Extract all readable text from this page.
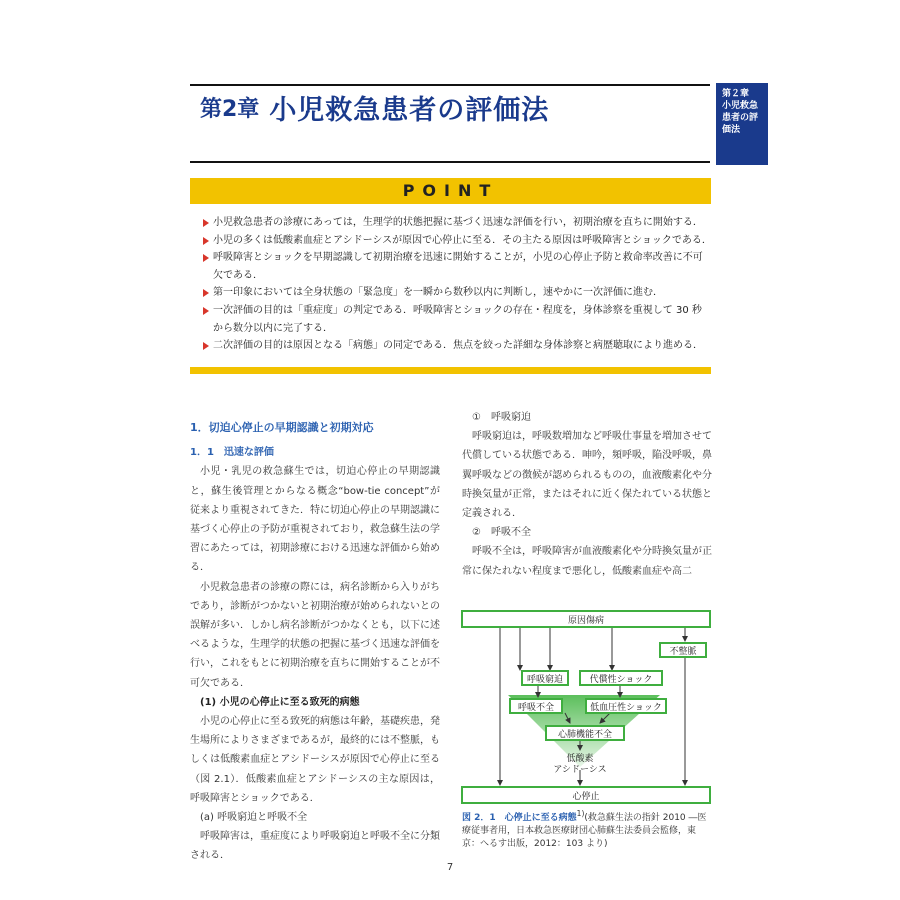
第2章 小児救急患者の評価法
第２章
小児救急
患者の評
価法
POINT
小児救急患者の診療にあっては，生理学的状態把握に基づく迅速な評価を行い，初期治療を直ちに開始する．
小児の多くは低酸素血症とアシドーシスが原因で心停止に至る．その主たる原因は呼吸障害とショックである．
呼吸障害とショックを早期認識して初期治療を迅速に開始することが，小児の心停止予防と救命率改善に不可欠である．
第一印象においては全身状態の「緊急度」を一瞬から数秒以内に判断し，速やかに一次評価に進む．
一次評価の目的は「重症度」の判定である．呼吸障害とショックの存在・程度を，身体診察を重視して 30 秒から数分以内に完了する．
二次評価の目的は原因となる「病態」の同定である．焦点を絞った詳細な身体診察と病歴聴取により進める．
1．切迫心停止の早期認識と初期対応
1．1　迅速な評価
小児・乳児の救急蘇生では，切迫心停止の早期認識と，蘇生後管理とからなる概念“bow-tie concept”が従来より重視されてきた．特に切迫心停止の早期認識に基づく心停止の予防が重視されており，救急蘇生法の学習にあたっては，初期診療における迅速な評価から始める．
小児救急患者の診療の際には，病名診断から入りがちであり，診断がつかないと初期治療が始められないとの誤解が多い．しかし病名診断がつかなくとも，以下に述べるような，生理学的状態の把握に基づく迅速な評価を行い，これをもとに初期治療を直ちに開始することが不可欠である．
(1) 小児の心停止に至る致死的病態
小児の心停止に至る致死的病態は年齢，基礎疾患，発生場所によりさまざまであるが，最終的には不整脈，もしくは低酸素血症とアシドーシスが原因で心停止に至る（図 2.1）．低酸素血症とアシドーシスの主な原因は，呼吸障害とショックである．
(a) 呼吸窮迫と呼吸不全
呼吸障害は，重症度により呼吸窮迫と呼吸不全に分類される．
①　呼吸窮迫
呼吸窮迫は，呼吸数増加など呼吸仕事量を増加させて代償している状態である．呻吟，頻呼吸，陥没呼吸，鼻翼呼吸などの徴候が認められるものの，血液酸素化や分時換気量が正常，またはそれに近く保たれている状態と定義される．
②　呼吸不全
呼吸不全は，呼吸障害が血液酸素化や分時換気量が正常に保たれない程度まで悪化し，低酸素血症や高二
原因傷病
不整脈
呼吸窮迫	代償性ショック
呼吸不全	低血圧性ショック
心肺機能不全
低酸素
アシドーシス
心停止
図 2．1　心停止に至る病態$^{1)}$(救急蘇生法の指針 2010 ―医療従事者用，日本救急医療財団心肺蘇生法委員会監修，東京：へるす出版，2012：103 より)
7
